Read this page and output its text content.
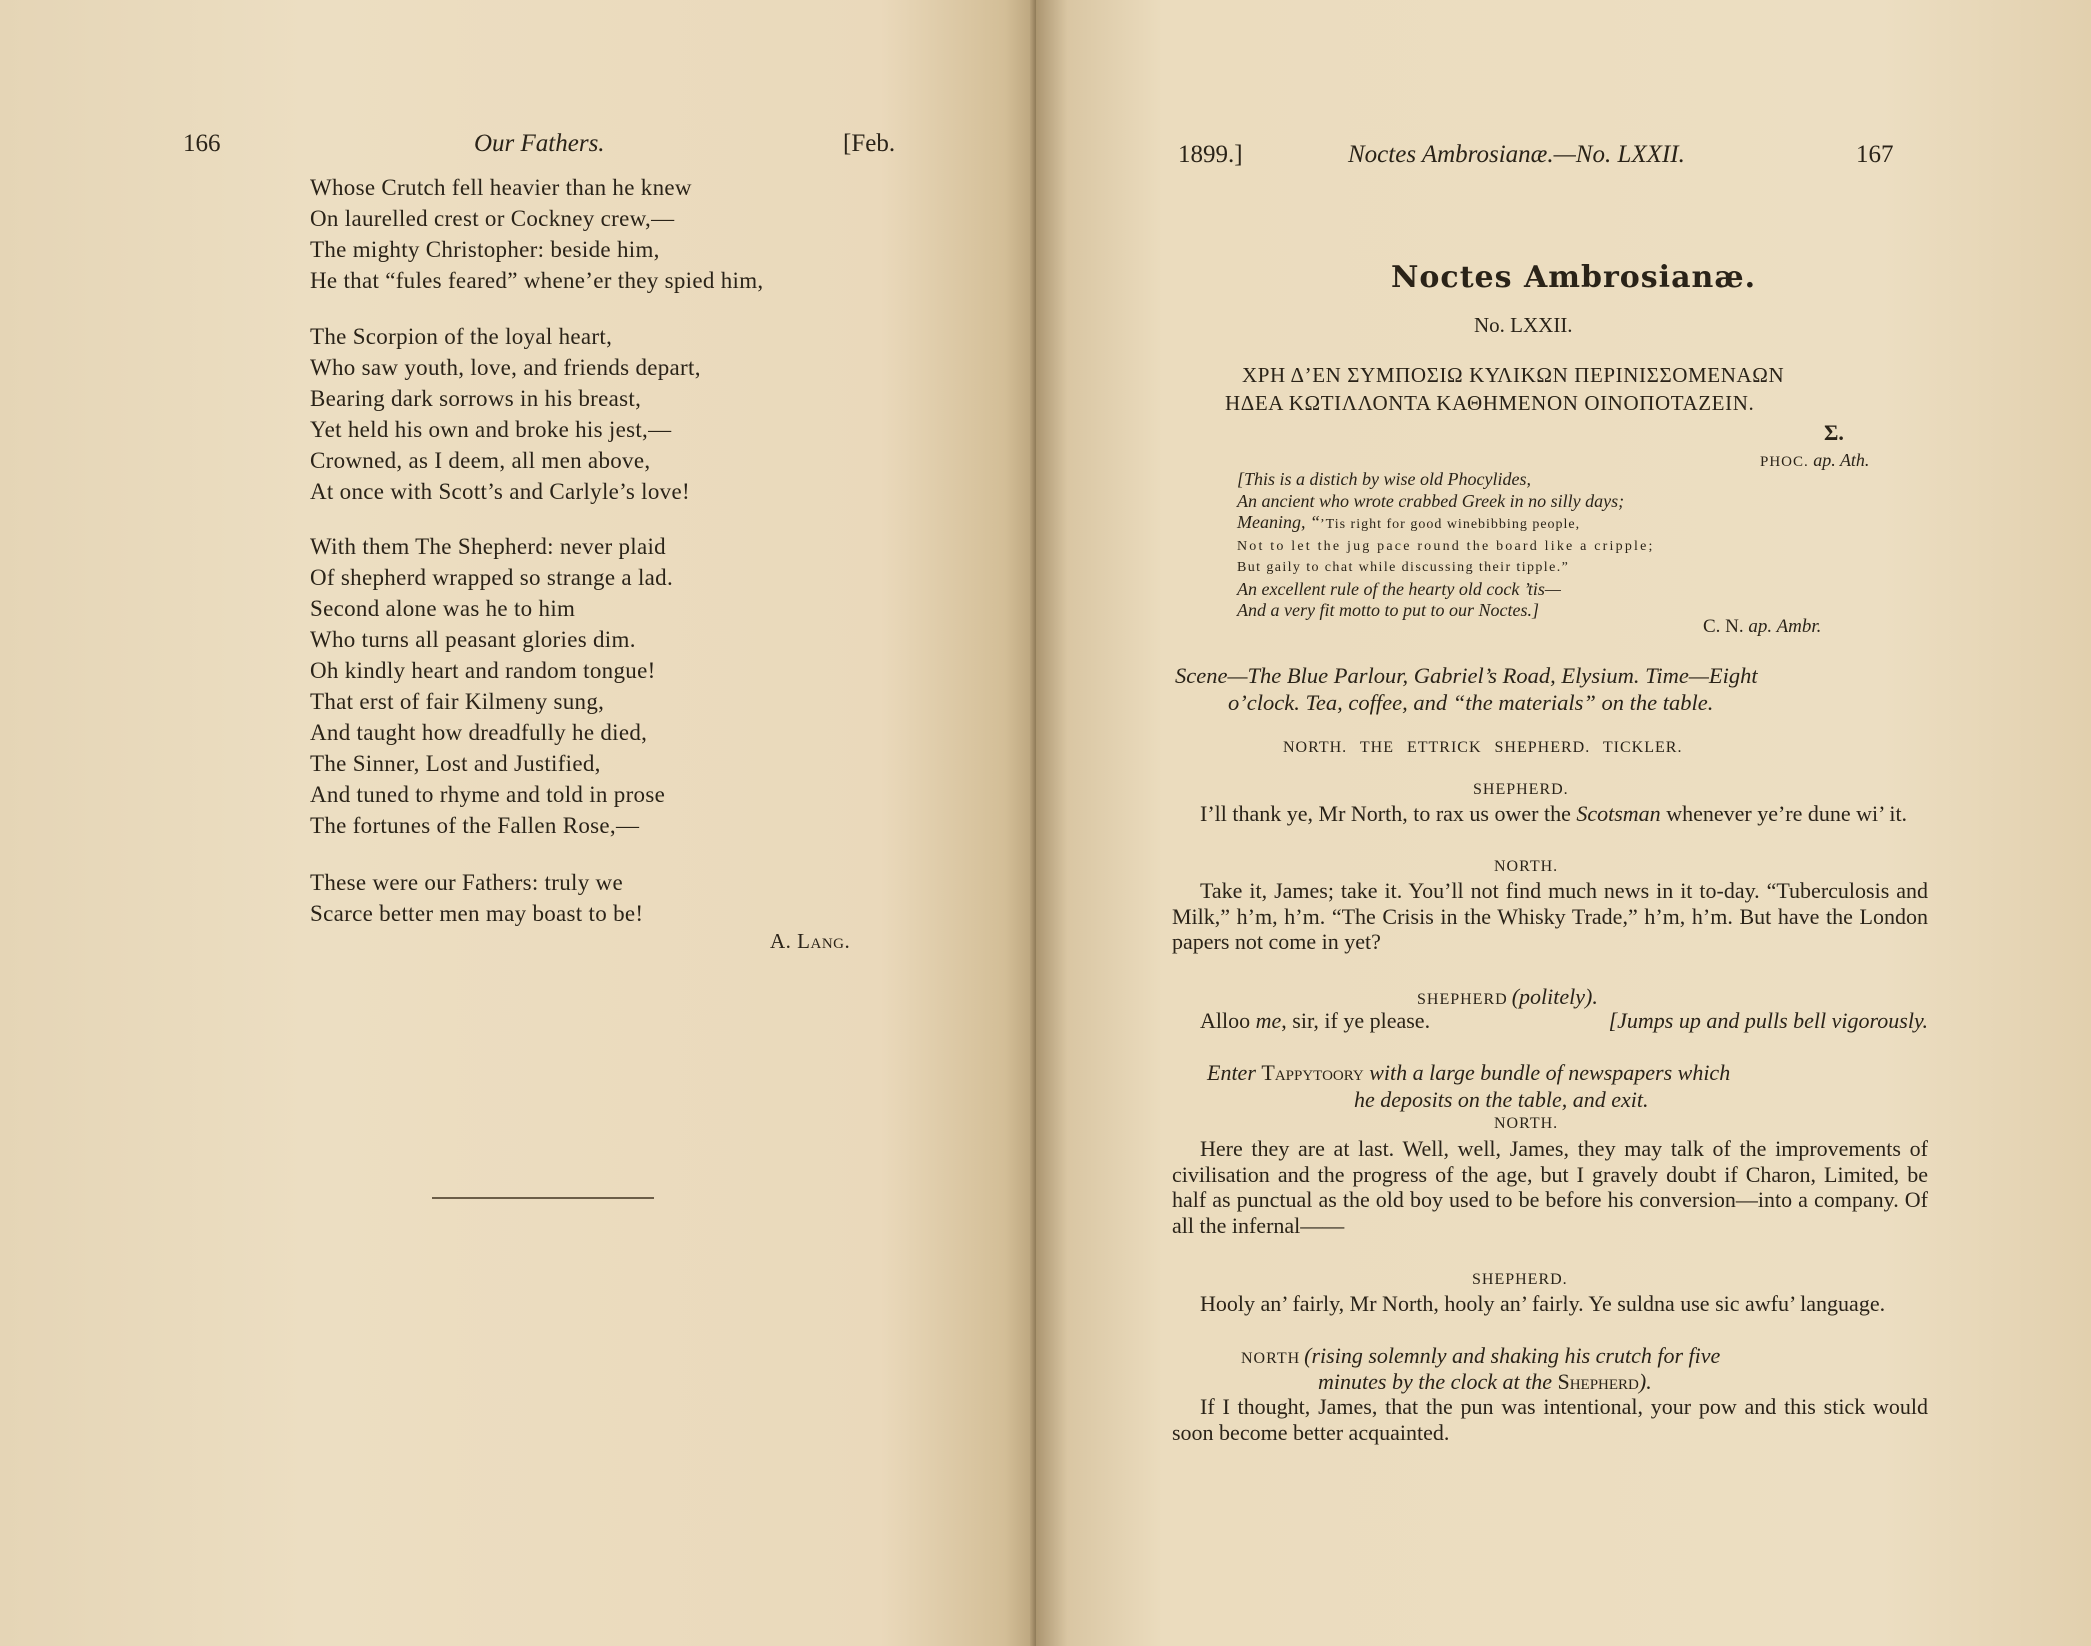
166	Our Fathers.	[Feb.
Whose Crutch fell heavier than he knew
On laurelled crest or Cockney crew,—
The mighty Christopher: beside him,
He that “fules feared” whene’er they spied him,
The Scorpion of the loyal heart,
Who saw youth, love, and friends depart,
Bearing dark sorrows in his breast,
Yet held his own and broke his jest,—
Crowned, as I deem, all men above,
At once with Scott’s and Carlyle’s love!
With them The Shepherd: never plaid
Of shepherd wrapped so strange a lad.
Second alone was he to him
Who turns all peasant glories dim.
Oh kindly heart and random tongue!
That erst of fair Kilmeny sung,
And taught how dreadfully he died,
The Sinner, Lost and Justified,
And tuned to rhyme and told in prose
The fortunes of the Fallen Rose,—
These were our Fathers: truly we
Scarce better men may boast to be!
A. Lang.
1899.]	Noctes Ambrosianæ.—No. LXXII.	167
Noctes Ambrosianæ.
No. LXXII.
ΧΡΗ Δ’ΕΝ ΣΥΜΠΟΣΙΩ ΚΥΛΙΚΩΝ ΠΕΡΙΝΙΣΣΟΜΕΝΑΩΝ
ΗΔΕΑ ΚΩΤΙΛΛΟΝΤΑ ΚΑΘΗΜΕΝΟΝ ΟΙΝΟΠΟΤΑΖΕΙΝ.
Σ.
PHOC. ap. Ath.
[This is a distich by wise old Phocylides,
An ancient who wrote crabbed Greek in no silly days;
Meaning, “’Tis right for good winebibbing people,
Not to let the jug pace round the board like a cripple;
But gaily to chat while discussing their tipple.”
An excellent rule of the hearty old cock ’tis—
And a very fit motto to put to our Noctes.]
C. N. ap. Ambr.
Scene—The Blue Parlour, Gabriel’s Road, Elysium. Time—Eight
o’clock. Tea, coffee, and “the materials” on the table.
NORTH. THE ETTRICK SHEPHERD. TICKLER.
SHEPHERD.
I’ll thank ye, Mr North, to rax us ower the Scotsman whenever ye’re dune wi’ it.
NORTH.
Take it, James; take it. You’ll not find much news in it to-day. “Tuberculosis and Milk,” h’m, h’m. “The Crisis in the Whisky Trade,” h’m, h’m. But have the London papers not come in yet?
SHEPHERD (politely).
Alloo me, sir, if ye please.	[Jumps up and pulls bell vigorously.
Enter Tappytoory with a large bundle of newspapers which
he deposits on the table, and exit.
NORTH.
Here they are at last. Well, well, James, they may talk of the improvements of civilisation and the progress of the age, but I gravely doubt if Charon, Limited, be half as punctual as the old boy used to be before his conversion—into a company. Of all the infernal——
SHEPHERD.
Hooly an’ fairly, Mr North, hooly an’ fairly. Ye suldna use sic awfu’ language.
NORTH (rising solemnly and shaking his crutch for five
minutes by the clock at the Shepherd).
If I thought, James, that the pun was intentional, your pow and this stick would soon become better acquainted.
